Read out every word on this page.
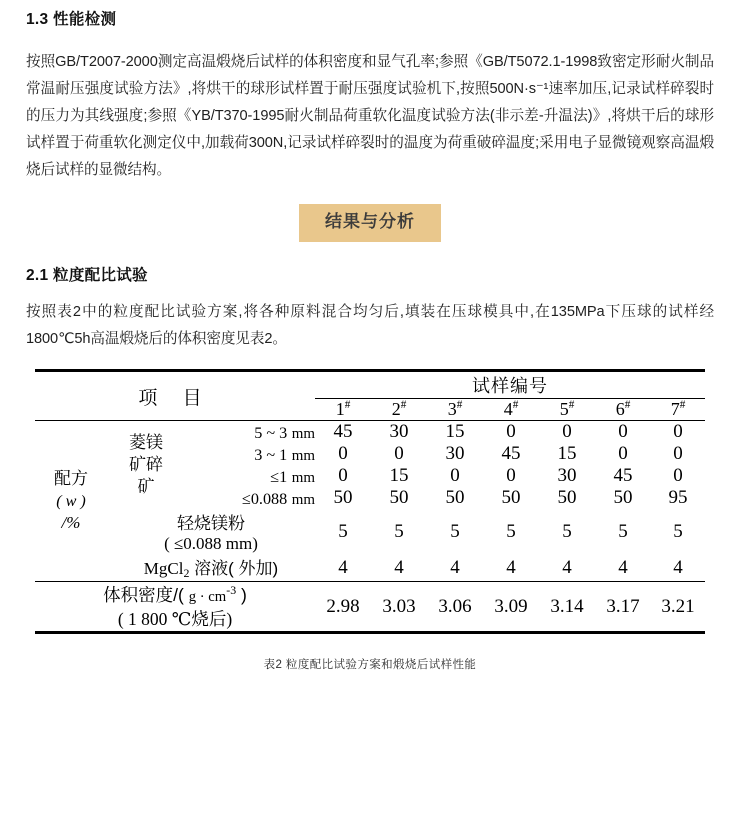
1.3 性能检测

按照GB/T2007-2000测定高温煅烧后试样的体积密度和显气孔率;参照《GB/T5072.1-1998致密定形耐火制品常温耐压强度试验方法》,将烘干的球形试样置于耐压强度试验机下,按照500N·s⁻¹速率加压,记录试样碎裂时的压力为其线强度;参照《YB/T370-1995耐火制品荷重软化温度试验方法(非示差-升温法)》,将烘干后的球形试样置于荷重软化测定仪中,加载荷300N,记录试样碎裂时的温度为荷重破碎温度;采用电子显微镜观察高温煅烧后试样的显微结构。

结果与分析
2.1 粒度配比试验

按照表2中的粒度配比试验方案,将各种原料混合均匀后,填装在压球模具中,在135MPa下压球的试样经1800℃5h高温煅烧后的体积密度见表2。

项 目			试样编号						
			1#	2#	3#	4#	5#	6#	7#

配方
( w )
/%

菱镁
矿碎
矿
	5 ~ 3 mm	45	30	15	0	0	0	0
		3 ~ 1 mm	0	0	30	45	15	0	0
		≤1 mm	0	15	0	0	30	45	0
		≤0.088 mm	50	50	50	50	50	50	95

	轻烧镁粉
( ≤0.088 mm)		5	5	5	5	5	5	5
	MgCl$_2$ 溶液( 外加)		4	4	4	4	4	4	4

体积密度/( $g \cdot cm^{-3}$ )
( 1 800 ℃烧后)			2.98	3.03	3.06	3.09	3.14	3.17	3.21
表2 粒度配比试验方案和煅烧后试样性能
